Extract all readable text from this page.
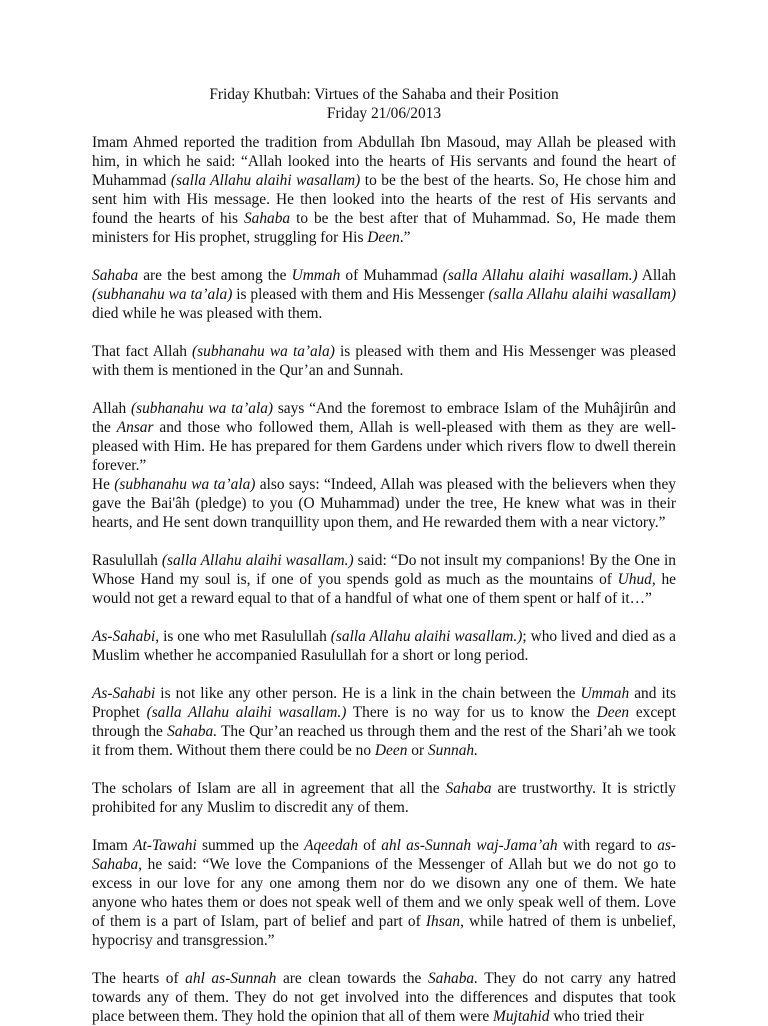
Friday Khutbah: Virtues of the Sahaba and their Position
Friday 21/06/2013
Imam Ahmed reported the tradition from Abdullah Ibn Masoud, may Allah be pleased with him, in which he said: “Allah looked into the hearts of His servants and found the heart of Muhammad (salla Allahu alaihi wasallam) to be the best of the hearts. So, He chose him and sent him with His message. He then looked into the hearts of the rest of His servants and found the hearts of his Sahaba to be the best after that of Muhammad. So, He made them ministers for His prophet, struggling for His Deen.”
Sahaba are the best among the Ummah of Muhammad (salla Allahu alaihi wasallam.) Allah (subhanahu wa ta’ala) is pleased with them and His Messenger (salla Allahu alaihi wasallam) died while he was pleased with them.
That fact Allah (subhanahu wa ta’ala) is pleased with them and His Messenger was pleased with them is mentioned in the Qur’an and Sunnah.
Allah (subhanahu wa ta’ala) says “And the foremost to embrace Islam of the Muhâjirûn and the Ansar and those who followed them, Allah is well-pleased with them as they are well-pleased with Him. He has prepared for them Gardens under which rivers flow to dwell therein forever.”
He (subhanahu wa ta’ala) also says: “Indeed, Allah was pleased with the believers when they gave the Bai'âh (pledge) to you (O Muhammad) under the tree, He knew what was in their hearts, and He sent down tranquillity upon them, and He rewarded them with a near victory.”
Rasulullah (salla Allahu alaihi wasallam.) said: “Do not insult my companions! By the One in Whose Hand my soul is, if one of you spends gold as much as the mountains of Uhud, he would not get a reward equal to that of a handful of what one of them spent or half of it…”
As-Sahabi, is one who met Rasulullah (salla Allahu alaihi wasallam.); who lived and died as a Muslim whether he accompanied Rasulullah for a short or long period.
As-Sahabi is not like any other person. He is a link in the chain between the Ummah and its Prophet (salla Allahu alaihi wasallam.) There is no way for us to know the Deen except through the Sahaba. The Qur’an reached us through them and the rest of the Shari’ah we took it from them. Without them there could be no Deen or Sunnah.
The scholars of Islam are all in agreement that all the Sahaba are trustworthy. It is strictly prohibited for any Muslim to discredit any of them.
Imam At-Tawahi summed up the Aqeedah of ahl as-Sunnah waj-Jama’ah with regard to as-Sahaba, he said: “We love the Companions of the Messenger of Allah but we do not go to excess in our love for any one among them nor do we disown any one of them. We hate anyone who hates them or does not speak well of them and we only speak well of them. Love of them is a part of Islam, part of belief and part of Ihsan, while hatred of them is unbelief, hypocrisy and transgression.”
The hearts of ahl as-Sunnah are clean towards the Sahaba. They do not carry any hatred towards any of them. They do not get involved into the differences and disputes that took place between them. They hold the opinion that all of them were Mujtahid who tried their
